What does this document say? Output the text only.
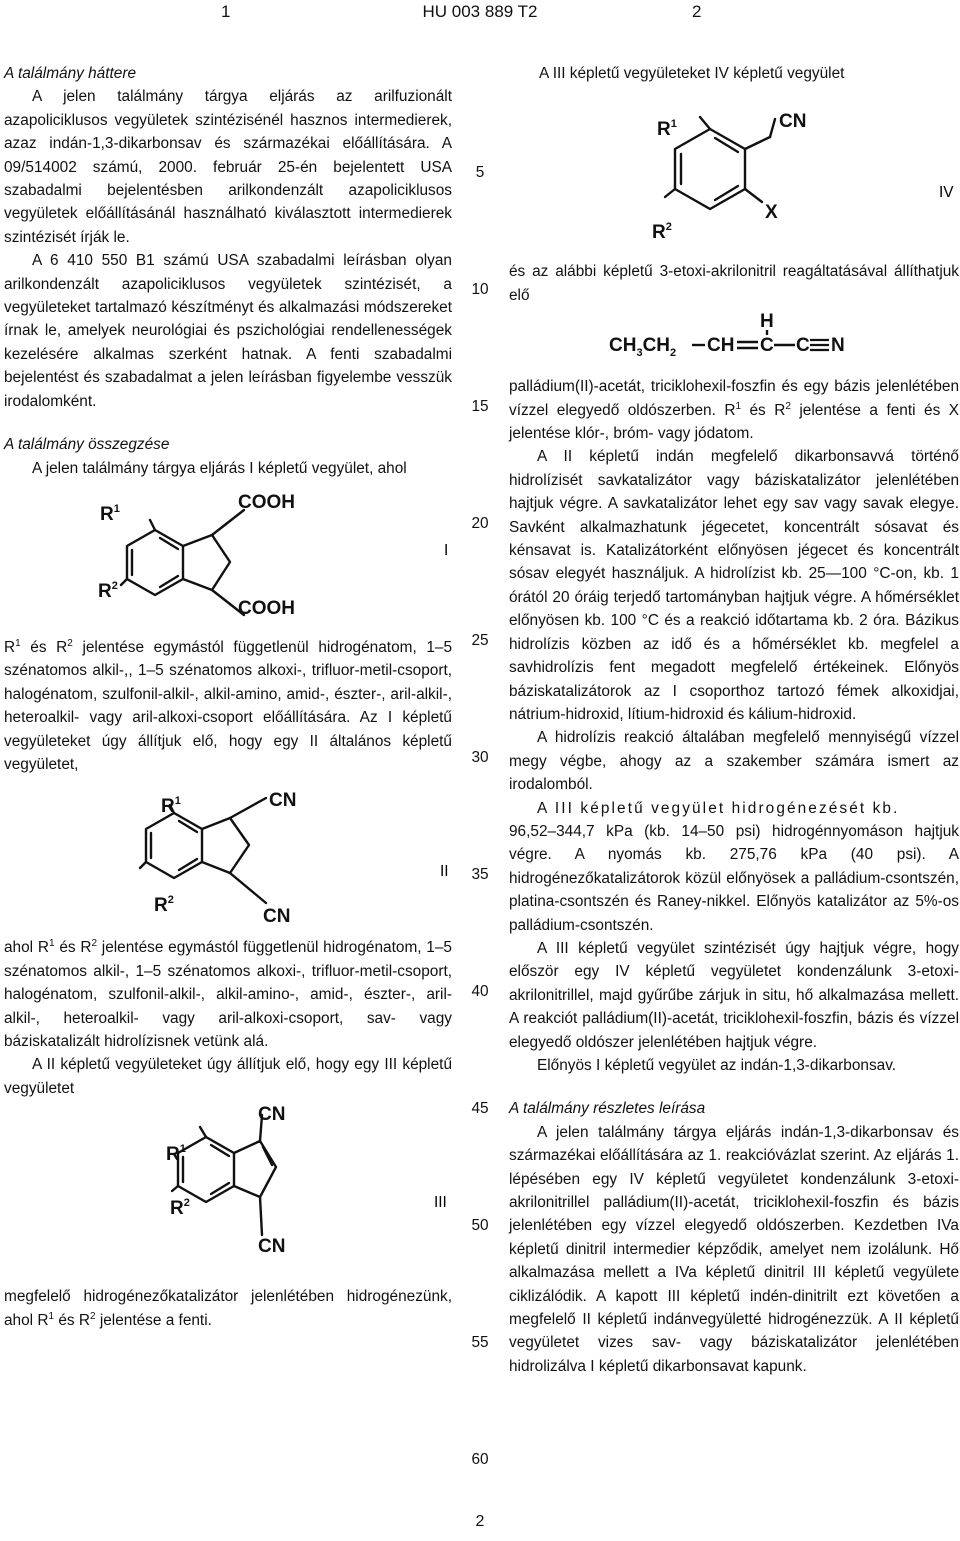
1	HU 003 889 T2	2

A találmány háttere

A jelen találmány tárgya eljárás az arilfuzionált azapoliciklusos vegyületek szintézisénél hasznos intermedierek, azaz indán-1,3-dikarbonsav és származékai előállítására. A 09/514002 számú, 2000. február 25-én bejelentett USA szabadalmi bejelentésben arilkondenzált azapoliciklusos vegyületek előállításánál használható kiválasztott intermedierek szintézisét írják le.

A 6 410 550 B1 számú USA szabadalmi leírásban olyan arilkondenzált azapoliciklusos vegyületek szintézisét, a vegyületeket tartalmazó készítményt és alkalmazási módszereket írnak le, amelyek neurológiai és pszichológiai rendellenességek kezelésére alkalmas szerként hatnak. A fenti szabadalmi bejelentést és szabadalmat a jelen leírásban figyelembe vesszük irodalomként.

A találmány összegzése

A jelen találmány tárgya eljárás I képletű vegyület, ahol

$R^1$
$R^2$
COOH
COOH
I

$R^1$ és $R^2$ jelentése egymástól függetlenül hidrogénatom, 1–5 szénatomos alkil-,, 1–5 szénatomos alkoxi-, trifluor-metil-csoport, halogénatom, szulfonil-alkil-, alkil-amino, amid-, észter-, aril-alkil-, heteroalkil- vagy aril-alkoxi-csoport előállítására. Az I képletű vegyületeket úgy állítjuk elő, hogy egy II általános képletű vegyületet,

$R^1$
$R^2$
CN
CN
II

ahol $R^1$ és $R^2$ jelentése egymástól függetlenül hidrogénatom, 1–5 szénatomos alkil-, 1–5 szénatomos alkoxi-, trifluor-metil-csoport, halogénatom, szulfonil-alkil-, alkil-amino-, amid-, észter-, aril-alkil-, heteroalkil- vagy aril-alkoxi-csoport, sav- vagy báziskatalizált hidrolízisnek vetünk alá.

A II képletű vegyületeket úgy állítjuk elő, hogy egy III képletű vegyületet

$R^1$
$R^2$
CN
CN
III

megfelelő hidrogénezőkatalizátor jelenlétében hidrogénezünk, ahol $R^1$ és $R^2$ jelentése a fenti.

A III képletű vegyületeket IV képletű vegyület

$R^1$
$R^2$
CN
X
IV

és az alábbi képletű 3-etoxi-akrilonitril reagáltatásával állíthatjuk elő

$CH_3CH_2$ CH C
H
C N

palládium(II)-acetát, triciklohexil-foszfin és egy bázis jelenlétében vízzel elegyedő oldószerben. $R^1$ és $R^2$ jelentése a fenti és X jelentése klór-, bróm- vagy jódatom.

A II képletű indán megfelelő dikarbonsavvá történő hidrolízisét savkatalizátor vagy báziskatalizátor jelenlétében hajtjuk végre. A savkatalizátor lehet egy sav vagy savak elegye. Savként alkalmazhatunk jégecetet, koncentrált sósavat és kénsavat is. Katalizátorként előnyösen jégecet és koncentrált sósav elegyét használjuk. A hidrolízist kb. 25—100 °C-on, kb. 1 órától 20 óráig terjedő tartományban hajtjuk végre. A hőmérséklet előnyösen kb. 100 °C és a reakció időtartama kb. 2 óra. Bázikus hidrolízis közben az idő és a hőmérséklet kb. megfelel a savhidrolízis fent megadott megfelelő értékeinek. Előnyös báziskatalizátorok az I csoporthoz tartozó fémek alkoxidjai, nátrium-hidroxid, lítium-hidroxid és kálium-hidroxid.

A hidrolízis reakció általában megfelelő mennyiségű vízzel megy végbe, ahogy az a szakember számára ismert az irodalomból.

A III képletű vegyület hidrogénezését kb.

96,52–344,7 kPa (kb. 14–50 psi) hidrogénnyomáson hajtjuk végre. A nyomás kb. 275,76 kPa (40 psi). A hidrogénezőkatalizátorok közül előnyösek a palládium-csontszén, platina-csontszén és Raney-nikkel. Előnyös katalizátor az 5%-os palládium-csontszén.

A III képletű vegyület szintézisét úgy hajtjuk végre, hogy először egy IV képletű vegyületet kondenzálunk 3-etoxi-akrilonitrillel, majd gyűrűbe zárjuk in situ, hő alkalmazása mellett. A reakciót palládium(II)-acetát, triciklohexil-foszfin, bázis és vízzel elegyedő oldószer jelenlétében hajtjuk végre.

Előnyös I képletű vegyület az indán-1,3-dikarbonsav.

A találmány részletes leírása

A jelen találmány tárgya eljárás indán-1,3-dikarbonsav és származékai előállítására az 1. reakcióvázlat szerint. Az eljárás 1. lépésében egy IV képletű vegyületet kondenzálunk 3-etoxi-akrilonitrillel palládium(II)-acetát, triciklohexil-foszfin és bázis jelenlétében egy vízzel elegyedő oldószerben. Kezdetben IVa képletű dinitril intermedier képződik, amelyet nem izolálunk. Hő alkalmazása mellett a IVa képletű dinitril III képletű vegyülete ciklizálódik. A kapott III képletű indén-dinitrilt ezt követően a megfelelő II képletű indánvegyületté hidrogénezzük. A II képletű vegyületet vizes sav- vagy báziskatalizátor jelenlétében hidrolizálva I képletű dikarbonsavat kapunk.

5
10
15
20
25
30
35
40
45
50
55
60
2
